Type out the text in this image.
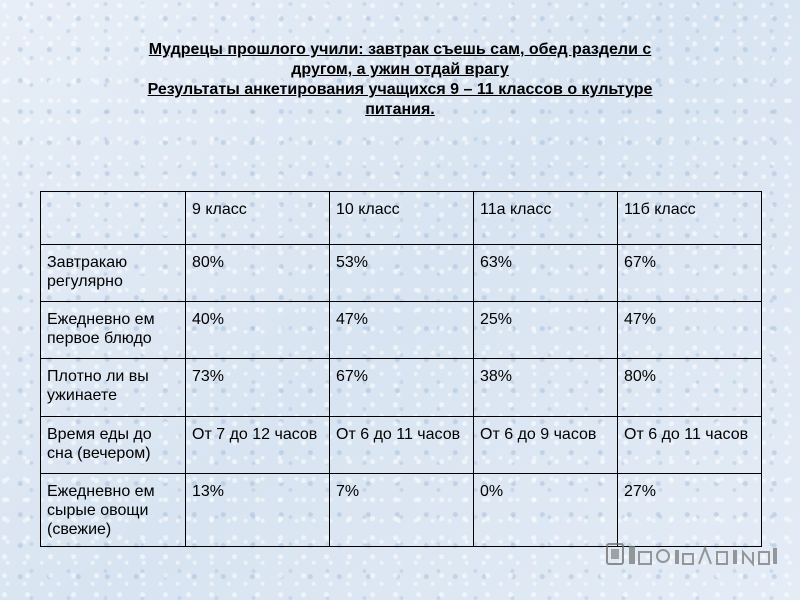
Мудрецы прошлого учили: завтрак съешь сам, обед раздели с
другом, а ужин отдай врагу
Результаты анкетирования учащихся 9 – 11 классов о культуре
питания.
	9 класс	10 класс	11а класс	11б класс
Завтракаю регулярно	80%	53%	63%	67%
Ежедневно ем первое блюдо	40%	47%	25%	47%
Плотно ли вы ужинаете	73%	67%	38%	80%
Время еды до сна (вечером)	От 7 до 12 часов	От 6 до 11 часов	От 6 до 9 часов	От 6 до 11 часов
Ежедневно ем сырые овощи (свежие)	13%	7%	0%	27%
